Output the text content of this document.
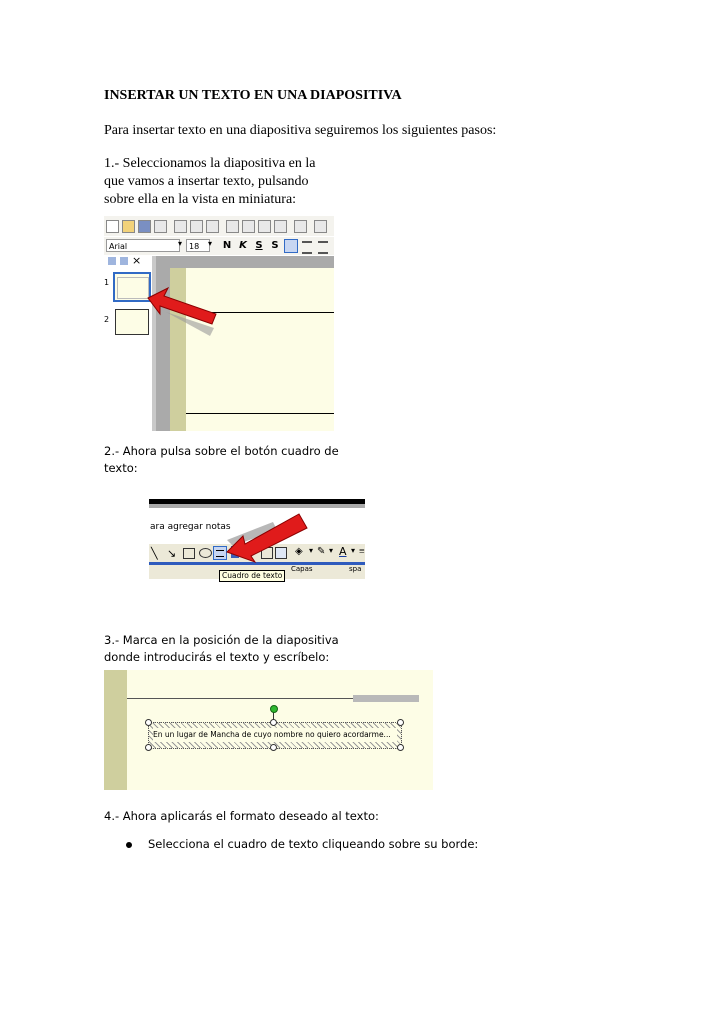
INSERTAR UN TEXTO EN UNA DIAPOSITIVA
Para insertar texto en una diapositiva seguiremos los siguientes pasos:
1.- Seleccionamos la diapositiva en la
que vamos a insertar texto, pulsando
sobre ella en la vista en miniatura:
Arial	▾ 18	▾ N K S S
×
1
2
2.- Ahora pulsa sobre el botón cuadro de
texto:
ara agregar notas
╲ ↘	◈ ▾ ✎ ▾ A ▾ ≡
Capas	spa
Cuadro de texto
3.- Marca en la posición de la diapositiva
donde introducirás el texto y escríbelo:
En un lugar de Mancha de cuyo nombre no quiero acordarme...
4.- Ahora aplicarás el formato deseado al texto:
Selecciona el cuadro de texto cliqueando sobre su borde:
